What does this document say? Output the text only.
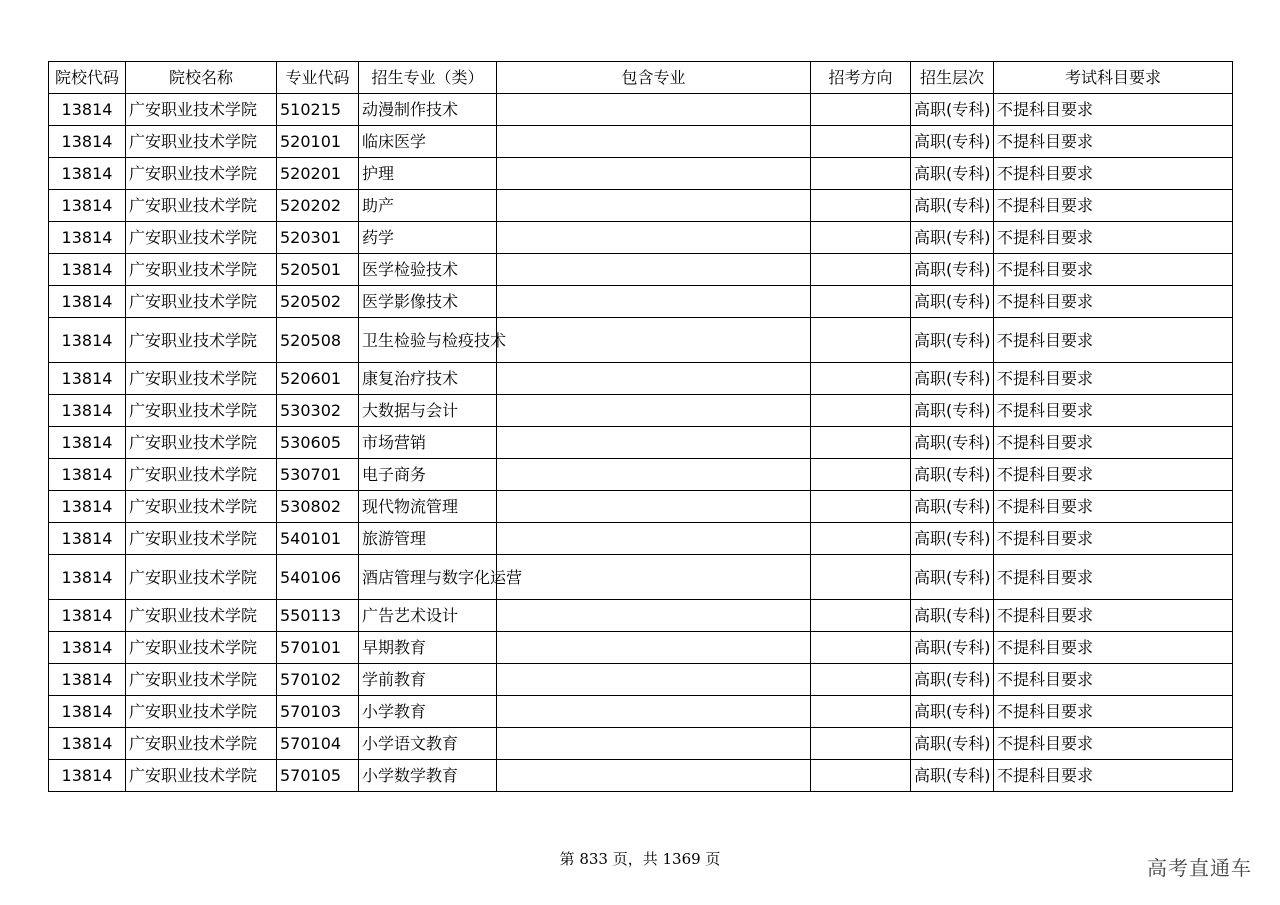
院校代码	院校名称	专业代码	招生专业（类）	包含专业	招考方向	招生层次	考试科目要求
13814	广安职业技术学院	510215	动漫制作技术			高职(专科)	不提科目要求
13814	广安职业技术学院	520101	临床医学			高职(专科)	不提科目要求
13814	广安职业技术学院	520201	护理			高职(专科)	不提科目要求
13814	广安职业技术学院	520202	助产			高职(专科)	不提科目要求
13814	广安职业技术学院	520301	药学			高职(专科)	不提科目要求
13814	广安职业技术学院	520501	医学检验技术			高职(专科)	不提科目要求
13814	广安职业技术学院	520502	医学影像技术			高职(专科)	不提科目要求
13814	广安职业技术学院	520508	卫生检验与检疫技术			高职(专科)	不提科目要求
13814	广安职业技术学院	520601	康复治疗技术			高职(专科)	不提科目要求
13814	广安职业技术学院	530302	大数据与会计			高职(专科)	不提科目要求
13814	广安职业技术学院	530605	市场营销			高职(专科)	不提科目要求
13814	广安职业技术学院	530701	电子商务			高职(专科)	不提科目要求
13814	广安职业技术学院	530802	现代物流管理			高职(专科)	不提科目要求
13814	广安职业技术学院	540101	旅游管理			高职(专科)	不提科目要求
13814	广安职业技术学院	540106	酒店管理与数字化运营			高职(专科)	不提科目要求
13814	广安职业技术学院	550113	广告艺术设计			高职(专科)	不提科目要求
13814	广安职业技术学院	570101	早期教育			高职(专科)	不提科目要求
13814	广安职业技术学院	570102	学前教育			高职(专科)	不提科目要求
13814	广安职业技术学院	570103	小学教育			高职(专科)	不提科目要求
13814	广安职业技术学院	570104	小学语文教育			高职(专科)	不提科目要求
13814	广安职业技术学院	570105	小学数学教育			高职(专科)	不提科目要求
第 833 页，共 1369 页	高考直通车
